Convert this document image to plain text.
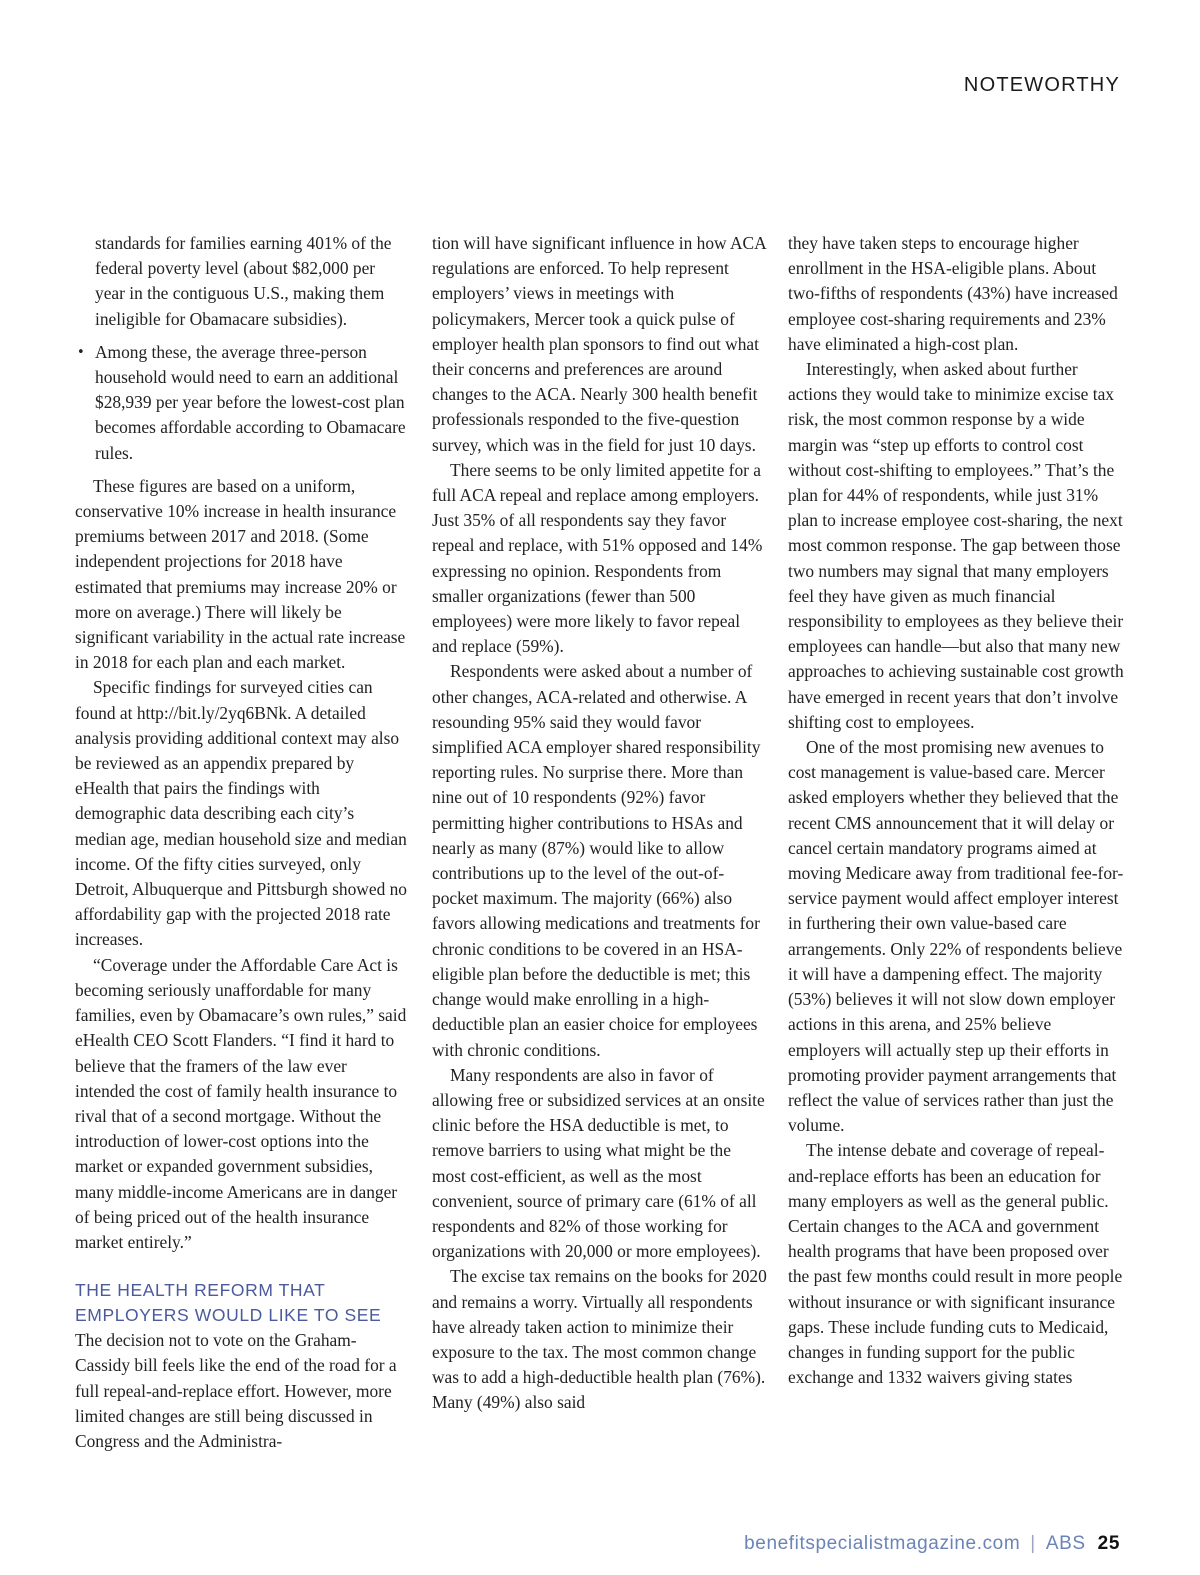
NOTEWORTHY

standards for families earning 401% of the federal poverty level (about $82,000 per year in the contiguous U.S., making them ineligible for Obamacare subsidies).

• Among these, the average three-person household would need to earn an additional $28,939 per year before the lowest-cost plan becomes affordable according to Obamacare rules.

These figures are based on a uniform, conservative 10% increase in health insurance premiums between 2017 and 2018. (Some independent projections for 2018 have estimated that premiums may increase 20% or more on average.) There will likely be significant variability in the actual rate increase in 2018 for each plan and each market.

Specific findings for surveyed cities can found at http://bit.ly/2yq6BNk. A detailed analysis providing additional context may also be reviewed as an appendix prepared by eHealth that pairs the findings with demographic data describing each city’s median age, median household size and median income. Of the fifty cities surveyed, only Detroit, Albuquerque and Pittsburgh showed no affordability gap with the projected 2018 rate increases.

“Coverage under the Affordable Care Act is becoming seriously unaffordable for many families, even by Obamacare’s own rules,” said eHealth CEO Scott Flanders. “I find it hard to believe that the framers of the law ever intended the cost of family health insurance to rival that of a second mortgage. Without the introduction of lower-cost options into the market or expanded government subsidies, many middle-income Americans are in danger of being priced out of the health insurance market entirely.”

THE HEALTH REFORM THAT
EMPLOYERS WOULD LIKE TO SEE

The decision not to vote on the Graham-Cassidy bill feels like the end of the road for a full repeal-and-replace effort. However, more limited changes are still being discussed in Congress and the Administra-

tion will have significant influence in how ACA regulations are enforced. To help represent employers’ views in meetings with policymakers, Mercer took a quick pulse of employer health plan sponsors to find out what their concerns and preferences are around changes to the ACA. Nearly 300 health benefit professionals responded to the five-question survey, which was in the field for just 10 days.

There seems to be only limited appetite for a full ACA repeal and replace among employers. Just 35% of all respondents say they favor repeal and replace, with 51% opposed and 14% expressing no opinion. Respondents from smaller organizations (fewer than 500 employees) were more likely to favor repeal and replace (59%).

Respondents were asked about a number of other changes, ACA-related and otherwise. A resounding 95% said they would favor simplified ACA employer shared responsibility reporting rules. No surprise there. More than nine out of 10 respondents (92%) favor permitting higher contributions to HSAs and nearly as many (87%) would like to allow contributions up to the level of the out-of-pocket maximum. The majority (66%) also favors allowing medications and treatments for chronic conditions to be covered in an HSA-eligible plan before the deductible is met; this change would make enrolling in a high-deductible plan an easier choice for employees with chronic conditions.

Many respondents are also in favor of allowing free or subsidized services at an onsite clinic before the HSA deductible is met, to remove barriers to using what might be the most cost-efficient, as well as the most convenient, source of primary care (61% of all respondents and 82% of those working for organizations with 20,000 or more employees).

The excise tax remains on the books for 2020 and remains a worry. Virtually all respondents have already taken action to minimize their exposure to the tax. The most common change was to add a high-deductible health plan (76%). Many (49%) also said

they have taken steps to encourage higher enrollment in the HSA-eligible plans. About two-fifths of respondents (43%) have increased employee cost-sharing requirements and 23% have eliminated a high-cost plan.

Interestingly, when asked about further actions they would take to minimize excise tax risk, the most common response by a wide margin was “step up efforts to control cost without cost-shifting to employees.” That’s the plan for 44% of respondents, while just 31% plan to increase employee cost-sharing, the next most common response. The gap between those two numbers may signal that many employers feel they have given as much financial responsibility to employees as they believe their employees can handle—but also that many new approaches to achieving sustainable cost growth have emerged in recent years that don’t involve shifting cost to employees.

One of the most promising new avenues to cost management is value-based care. Mercer asked employers whether they believed that the recent CMS announcement that it will delay or cancel certain mandatory programs aimed at moving Medicare away from traditional fee-for-service payment would affect employer interest in furthering their own value-based care arrangements. Only 22% of respondents believe it will have a dampening effect. The majority (53%) believes it will not slow down employer actions in this arena, and 25% believe employers will actually step up their efforts in promoting provider payment arrangements that reflect the value of services rather than just the volume.

The intense debate and coverage of repeal-and-replace efforts has been an education for many employers as well as the general public. Certain changes to the ACA and government health programs that have been proposed over the past few months could result in more people without insurance or with significant insurance gaps. These include funding cuts to Medicaid, changes in funding support for the public exchange and 1332 waivers giving states

benefitspecialistmagazine.com | ABS 25
